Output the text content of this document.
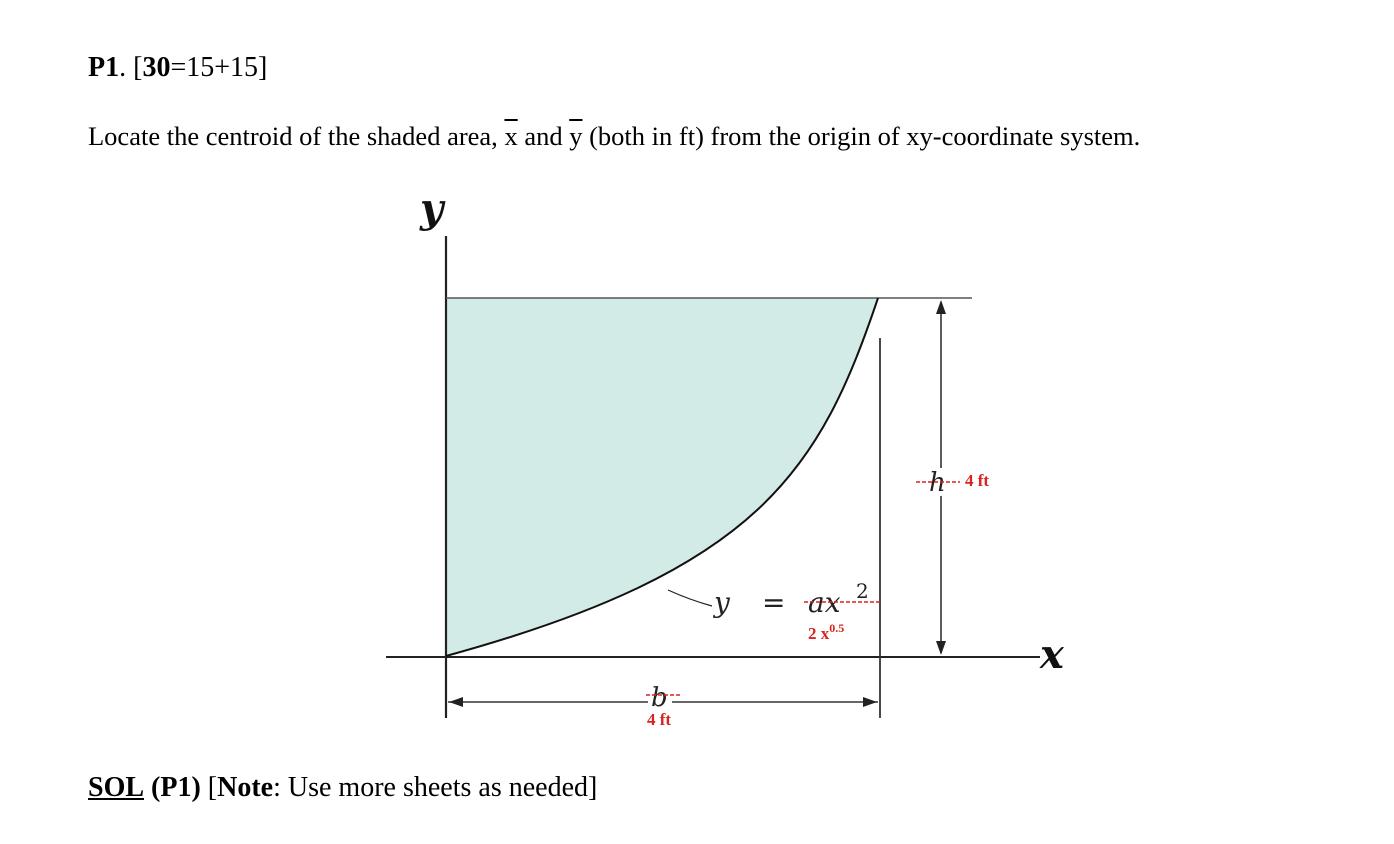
P1. [30=15+15]

Locate the centroid of the shaded area, $\overline{x}$ and $\overline{y}$ (both in ft) from the origin of xy-coordinate system.

y
x
h 4 ft
b
4 ft
y = ax 2
2 $x^{0.5}$

SOL (P1) [Note: Use more sheets as needed]
